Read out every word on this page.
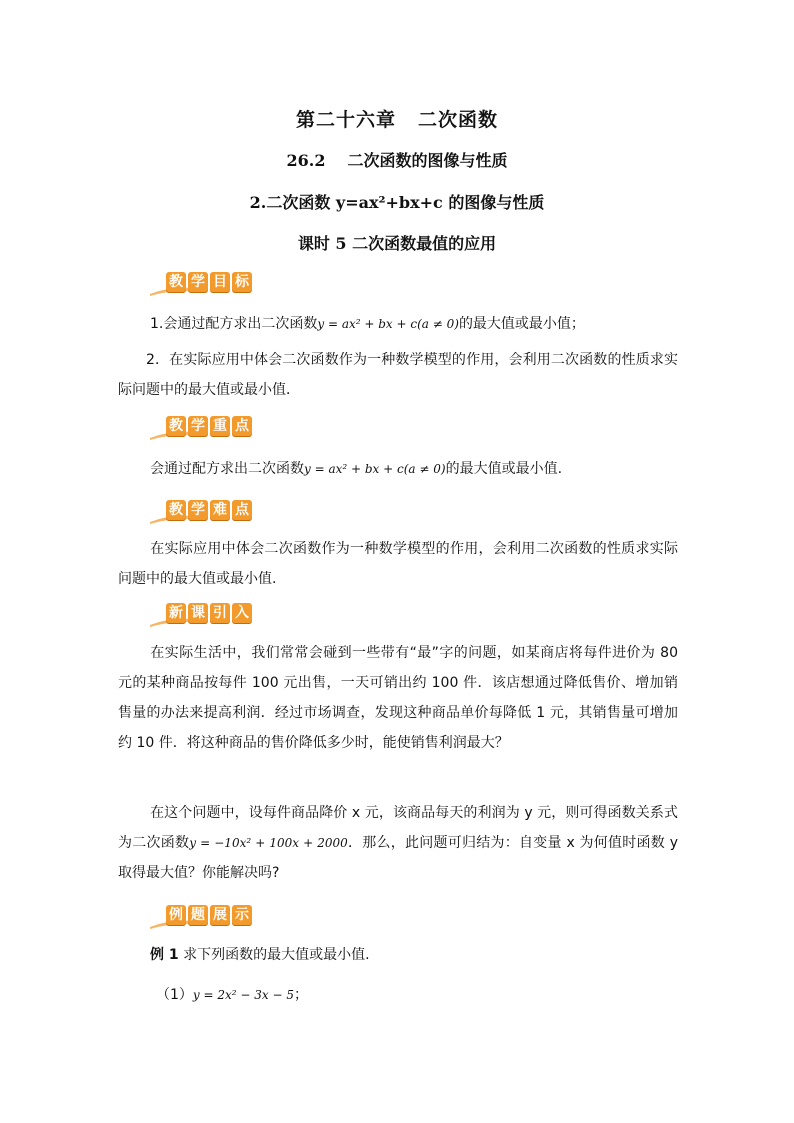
第二十六章 二次函数
26.2 二次函数的图像与性质
2.二次函数 y=ax²+bx+c 的图像与性质
课时 5 二次函数最值的应用
教 学 目 标
1.会通过配方求出二次函数y = ax² + bx + c(a ≠ 0)的最大值或最小值；
2．在实际应用中体会二次函数作为一种数学模型的作用，会利用二次函数的性质求实际问题中的最大值或最小值．
教 学 重 点
会通过配方求出二次函数y = ax² + bx + c(a ≠ 0)的最大值或最小值.
教 学 难 点
在实际应用中体会二次函数作为一种数学模型的作用，会利用二次函数的性质求实际问题中的最大值或最小值.
新 课 引 入
在实际生活中，我们常常会碰到一些带有“最”字的问题，如某商店将每件进价为 80 元的某种商品按每件 100 元出售，一天可销出约 100 件．该店想通过降低售价、增加销售量的办法来提高利润．经过市场调查，发现这种商品单价每降低 1 元，其销售量可增加约 10 件．将这种商品的售价降低多少时，能使销售利润最大？
在这个问题中，设每件商品降价 x 元，该商品每天的利润为 y 元，则可得函数关系式为二次函数y = −10x² + 100x + 2000．那么，此问题可归结为：自变量 x 为何值时函数 y 取得最大值？你能解决吗?
例 题 展 示
例 1 求下列函数的最大值或最小值.
（1）y = 2x² − 3x − 5；
